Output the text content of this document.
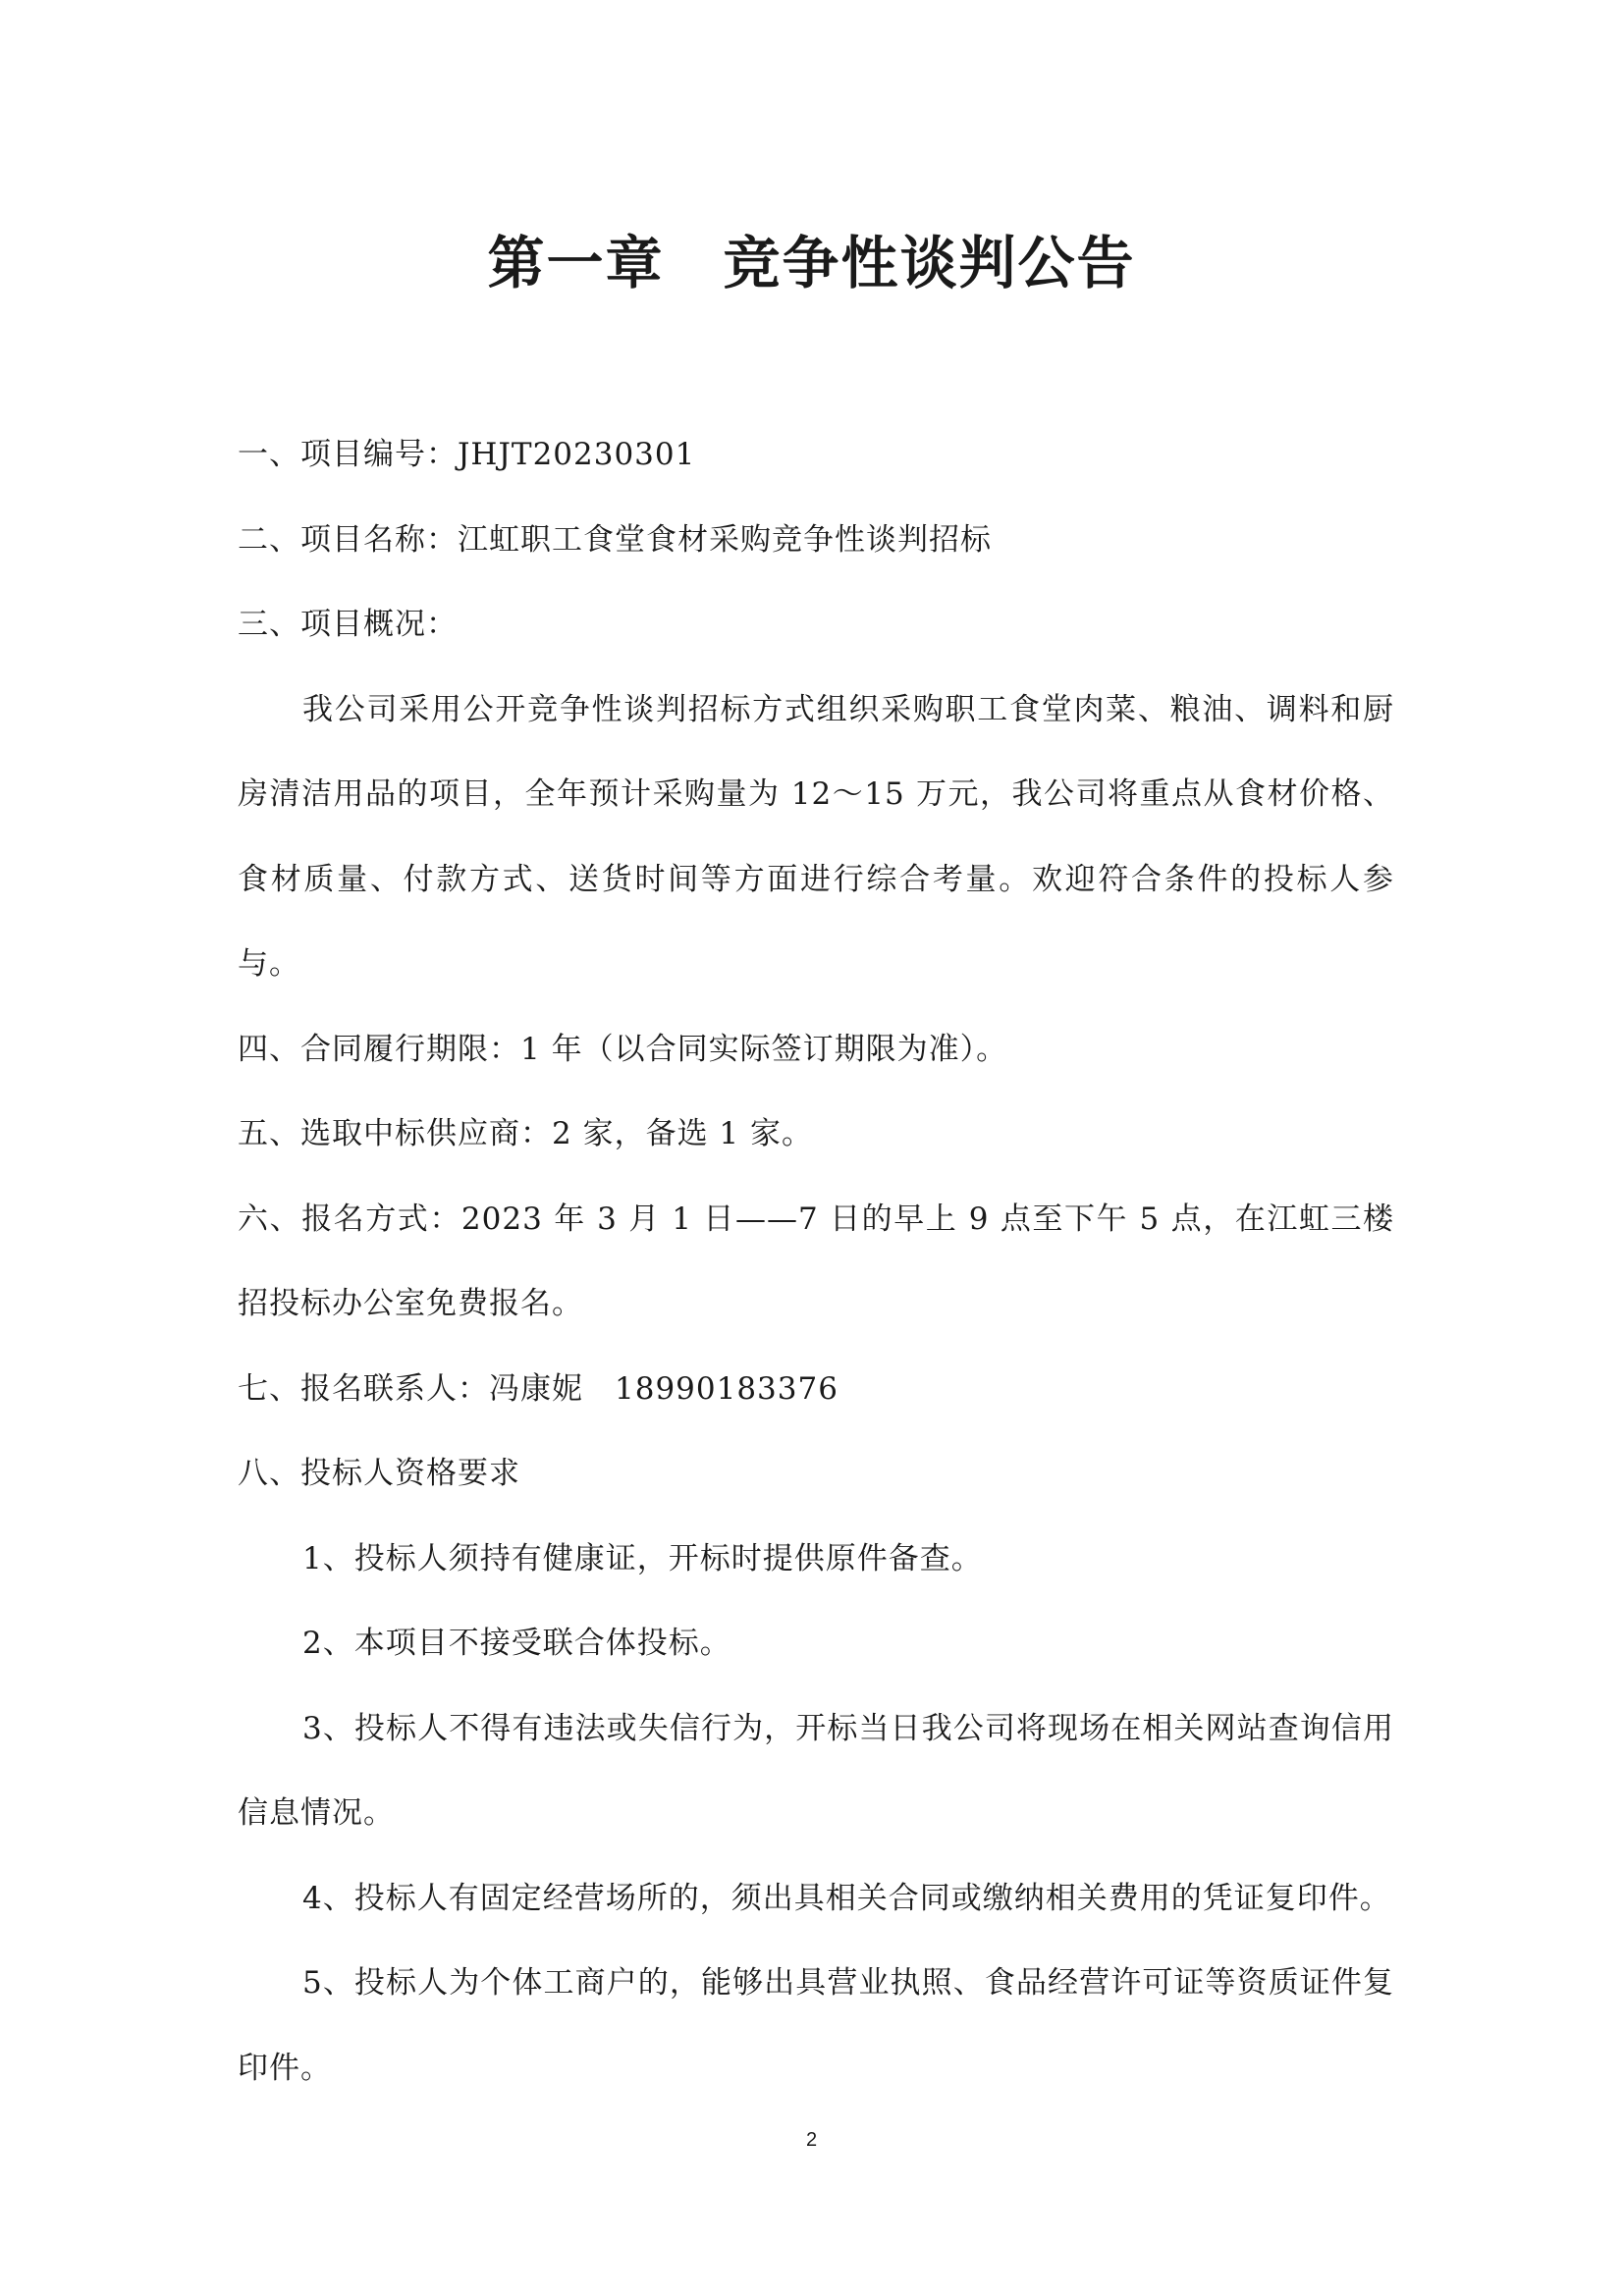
第一章　竞争性谈判公告

一、项目编号：JHJT20230301

二、项目名称：江虹职工食堂食材采购竞争性谈判招标

三、项目概况：

我公司采用公开竞争性谈判招标方式组织采购职工食堂肉菜、粮油、调料和厨房清洁用品的项目，全年预计采购量为 12～15 万元，我公司将重点从食材价格、食材质量、付款方式、送货时间等方面进行综合考量。欢迎符合条件的投标人参与。

四、合同履行期限：1 年（以合同实际签订期限为准）。

五、选取中标供应商：2 家，备选 1 家。

六、报名方式：2023 年 3 月 1 日——7 日的早上 9 点至下午 5 点，在江虹三楼招投标办公室免费报名。

七、报名联系人：冯康妮　18990183376

八、投标人资格要求

1、投标人须持有健康证，开标时提供原件备查。

2、本项目不接受联合体投标。

3、投标人不得有违法或失信行为，开标当日我公司将现场在相关网站查询信用信息情况。

4、投标人有固定经营场所的，须出具相关合同或缴纳相关费用的凭证复印件。

5、投标人为个体工商户的，能够出具营业执照、食品经营许可证等资质证件复印件。

2
